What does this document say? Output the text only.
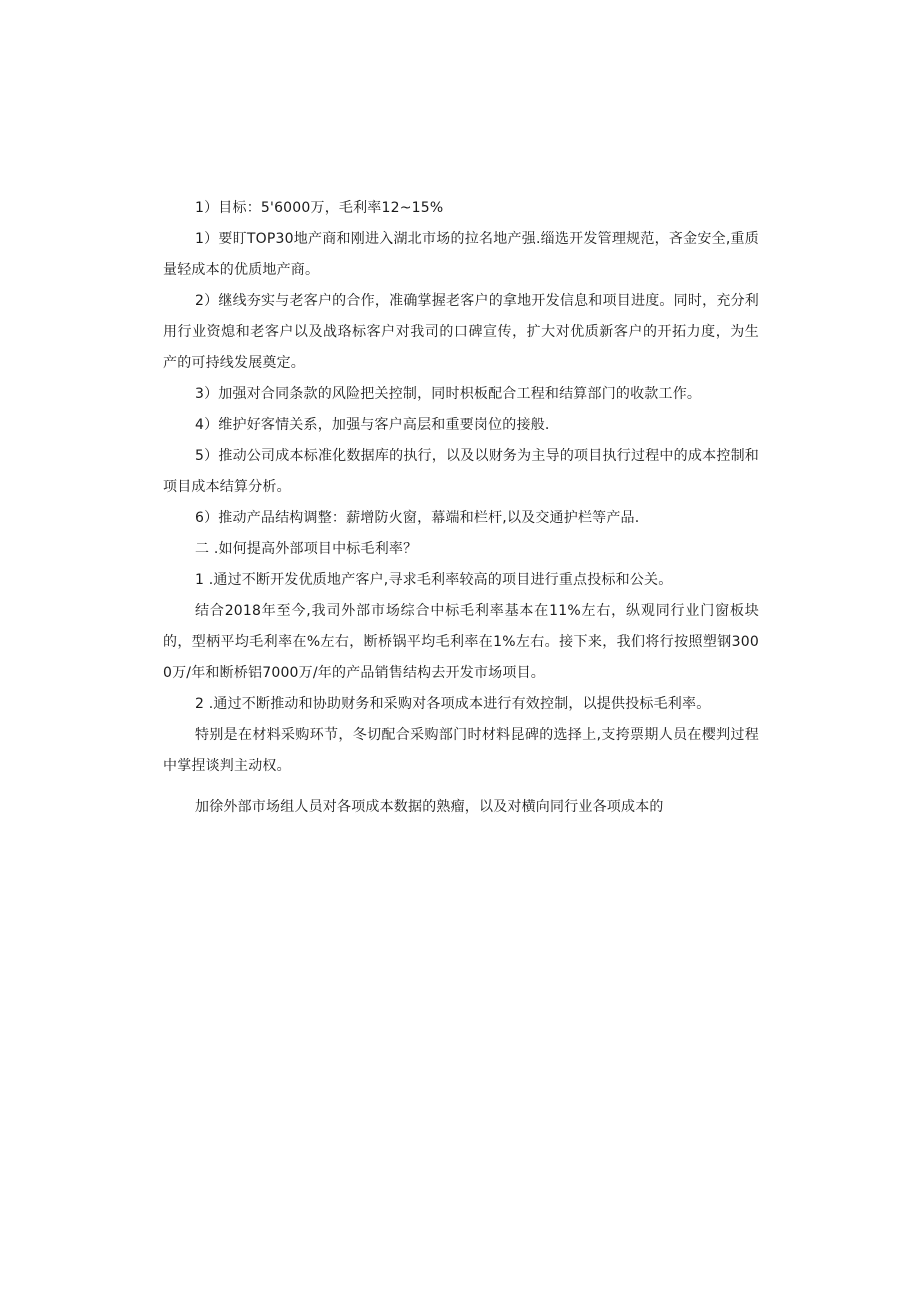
1）目标：5'6000万，毛利率12~15%

1）要盯TOP30地产商和刚进入湖北市场的拉名地产强.缁选开发管理规范，吝金安全,重质量轻成本的优质地产商。

2）继线夯实与老客户的合作，准确掌握老客户的拿地开发信息和项目进度。同时，充分利用行业资熄和老客户以及战珞标客户对我司的口碑宣传，扩大对优质新客户的开拓力度，为生产的可持线发展奠定。

3）加强对合同条款的风险把关控制，同时枳板配合工程和结算部门的收款工作。

4）维护好客情关系，加强与客户高层和重要岗位的接般.

5）推动公司成本标准化数据库的执行，以及以财务为主导的项目执行过程中的成本控制和项目成本结算分析。

6）推动产品结构调整：薪增防火窗，幕端和栏杆,以及交通护栏等产品.

二 .如何提高外部项目中标毛利率？

1 .通过不断开发优质地产客户,寻求毛利率较高的项目进行重点投标和公关。

结合2018年至今,我司外部市场综合中标毛利率基本在11%左右，纵观同行业门窗板块的，型柄平均毛利率在%左右，断桥锅平均毛利率在1%左右。接下来，我们将行按照塑钢3000万/年和断桥铝7000万/年的产品销售结构去开发市场项目。

2 .通过不断推动和协助财务和采购对各项成本进行有效控制，以提供投标毛利率。

特别是在材料采购环节，冬切配合采购部门时材料昆碑的选择上,支挎票期人员在樱判过程中掌捏谈判主动权。

加徐外部市场组人员对各项成本数据的熟瘤，以及对横向同行业各项成本的
